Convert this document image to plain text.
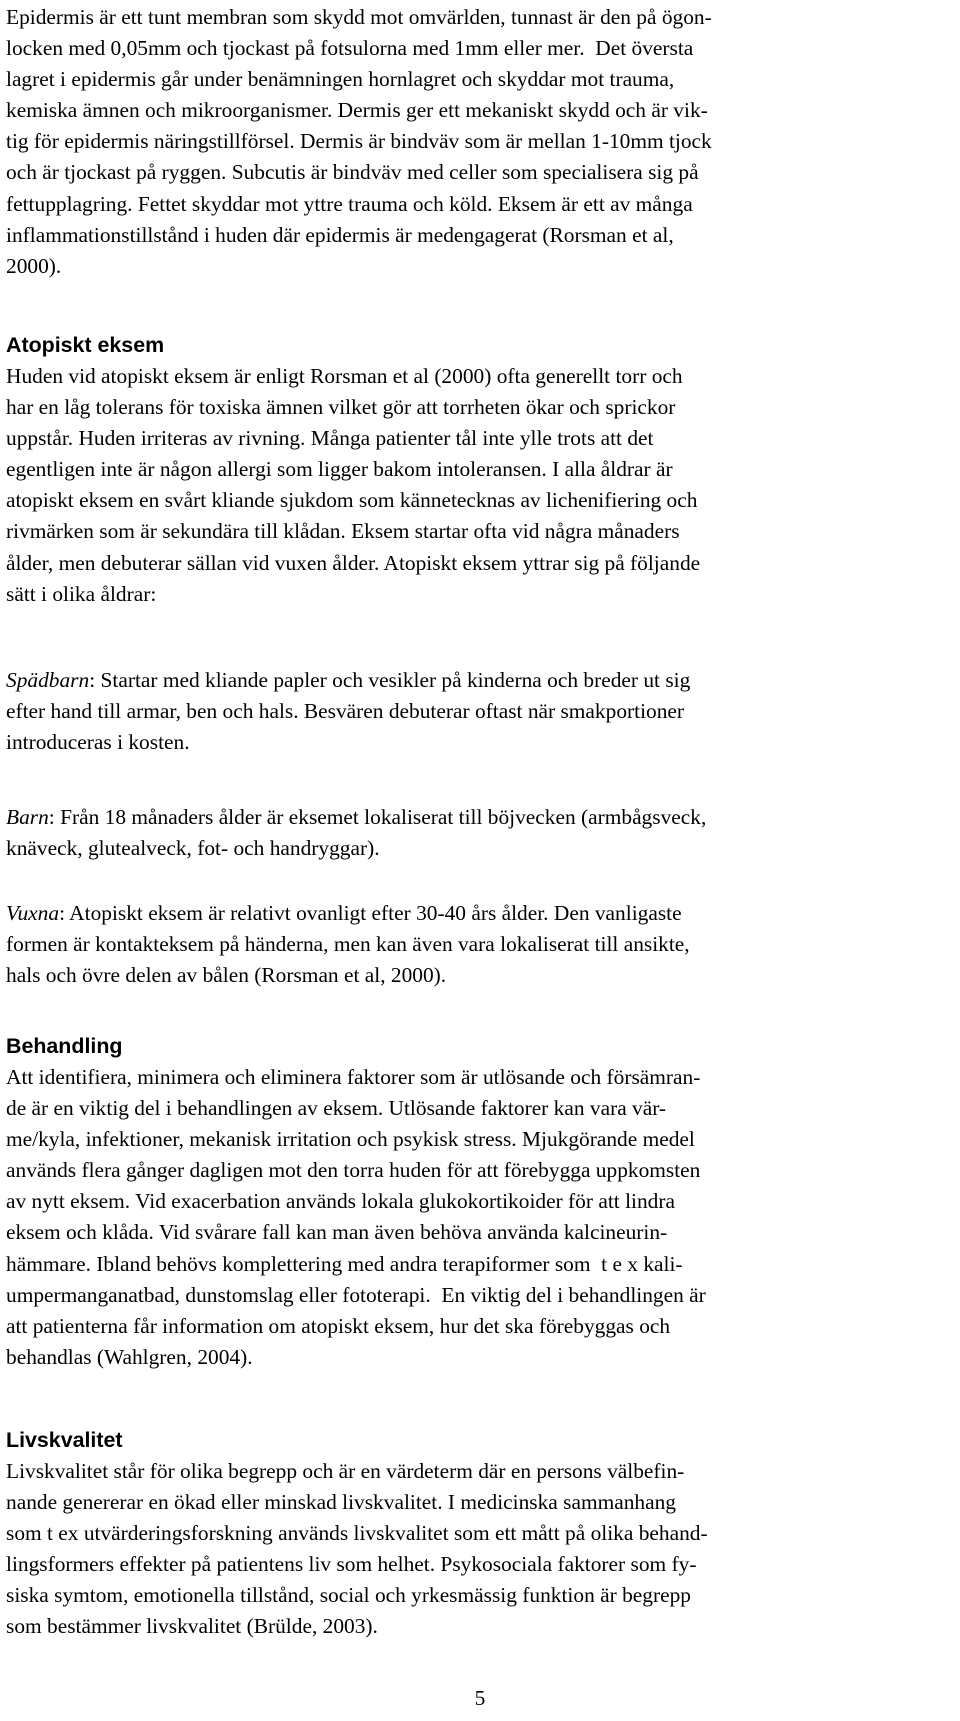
Epidermis är ett tunt membran som skydd mot omvärlden, tunnast är den på ögon-
locken med 0,05mm och tjockast på fotsulorna med 1mm eller mer.  Det översta
lagret i epidermis går under benämningen hornlagret och skyddar mot trauma,
kemiska ämnen och mikroorganismer. Dermis ger ett mekaniskt skydd och är vik-
tig för epidermis näringstillförsel. Dermis är bindväv som är mellan 1-10mm tjock
och är tjockast på ryggen. Subcutis är bindväv med celler som specialisera sig på
fettupplagring. Fettet skyddar mot yttre trauma och köld. Eksem är ett av många
inflammationstillstånd i huden där epidermis är medengagerat (Rorsman et al,
2000).
Atopiskt eksem
Huden vid atopiskt eksem är enligt Rorsman et al (2000) ofta generellt torr och
har en låg tolerans för toxiska ämnen vilket gör att torrheten ökar och sprickor
uppstår. Huden irriteras av rivning. Många patienter tål inte ylle trots att det
egentligen inte är någon allergi som ligger bakom intoleransen. I alla åldrar är
atopiskt eksem en svårt kliande sjukdom som kännetecknas av lichenifiering och
rivmärken som är sekundära till klådan. Eksem startar ofta vid några månaders
ålder, men debuterar sällan vid vuxen ålder. Atopiskt eksem yttrar sig på följande
sätt i olika åldrar:
Spädbarn: Startar med kliande papler och vesikler på kinderna och breder ut sig
efter hand till armar, ben och hals. Besvären debuterar oftast när smakportioner
introduceras i kosten.
Barn: Från 18 månaders ålder är eksemet lokaliserat till böjvecken (armbågsveck,
knäveck, glutealveck, fot- och handryggar).
Vuxna: Atopiskt eksem är relativt ovanligt efter 30-40 års ålder. Den vanligaste
formen är kontakteksem på händerna, men kan även vara lokaliserat till ansikte,
hals och övre delen av bålen (Rorsman et al, 2000).
Behandling
Att identifiera, minimera och eliminera faktorer som är utlösande och försämran-
de är en viktig del i behandlingen av eksem. Utlösande faktorer kan vara vär-
me/kyla, infektioner, mekanisk irritation och psykisk stress. Mjukgörande medel
används flera gånger dagligen mot den torra huden för att förebygga uppkomsten
av nytt eksem. Vid exacerbation används lokala glukokortikoider för att lindra
eksem och klåda. Vid svårare fall kan man även behöva använda kalcineurin-
hämmare. Ibland behövs komplettering med andra terapiformer som  t e x kali-
umpermanganatbad, dunstomslag eller fototerapi.  En viktig del i behandlingen är
att patienterna får information om atopiskt eksem, hur det ska förebyggas och
behandlas (Wahlgren, 2004).
Livskvalitet
Livskvalitet står för olika begrepp och är en värdeterm där en persons välbefin-
nande genererar en ökad eller minskad livskvalitet. I medicinska sammanhang
som t ex utvärderingsforskning används livskvalitet som ett mått på olika behand-
lingsformers effekter på patientens liv som helhet. Psykosociala faktorer som fy-
siska symtom, emotionella tillstånd, social och yrkesmässig funktion är begrepp
som bestämmer livskvalitet (Brülde, 2003).
5
